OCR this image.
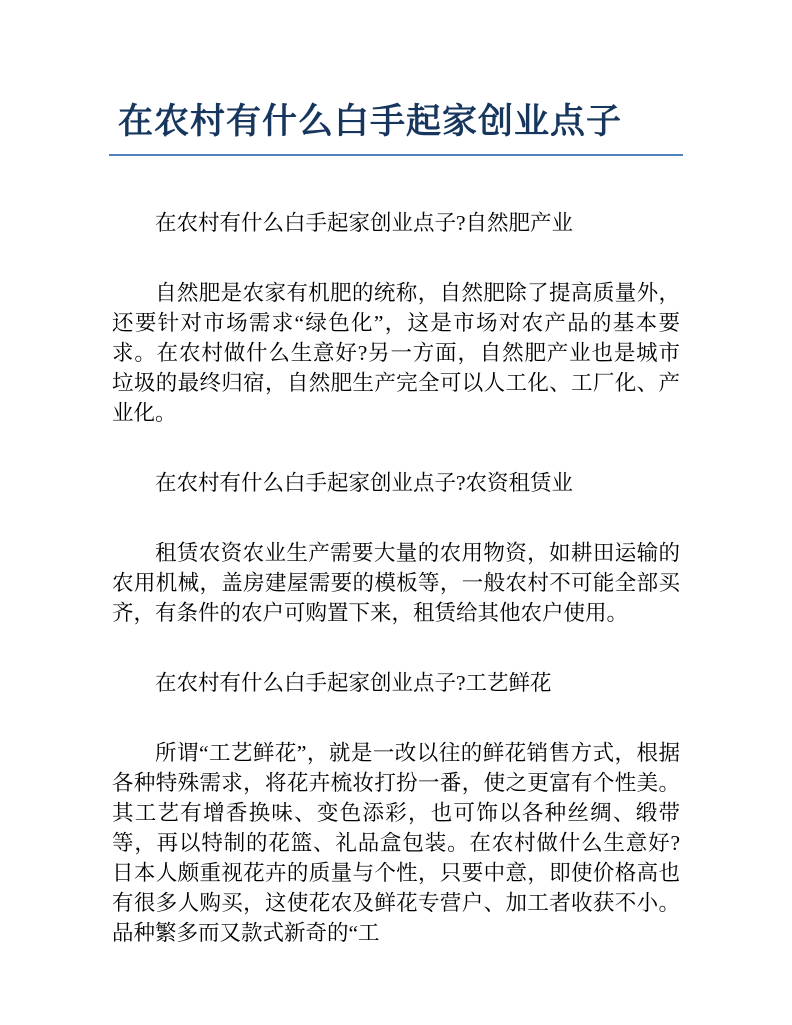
在农村有什么白手起家创业点子
在农村有什么白手起家创业点子?自然肥产业

自然肥是农家有机肥的统称，自然肥除了提高质量外，还要针对市场需求“绿色化”，这是市场对农产品的基本要求。在农村做什么生意好?另一方面，自然肥产业也是城市垃圾的最终归宿，自然肥生产完全可以人工化、工厂化、产业化。

在农村有什么白手起家创业点子?农资租赁业

租赁农资农业生产需要大量的农用物资，如耕田运输的农用机械，盖房建屋需要的模板等，一般农村不可能全部买齐，有条件的农户可购置下来，租赁给其他农户使用。

在农村有什么白手起家创业点子?工艺鲜花

所谓“工艺鲜花”，就是一改以往的鲜花销售方式，根据各种特殊需求，将花卉梳妆打扮一番，使之更富有个性美。其工艺有增香换味、变色添彩，也可饰以各种丝绸、缎带等，再以特制的花篮、礼品盒包装。在农村做什么生意好?日本人颇重视花卉的质量与个性，只要中意，即使价格高也有很多人购买，这使花农及鲜花专营户、加工者收获不小。品种繁多而又款式新奇的“工
